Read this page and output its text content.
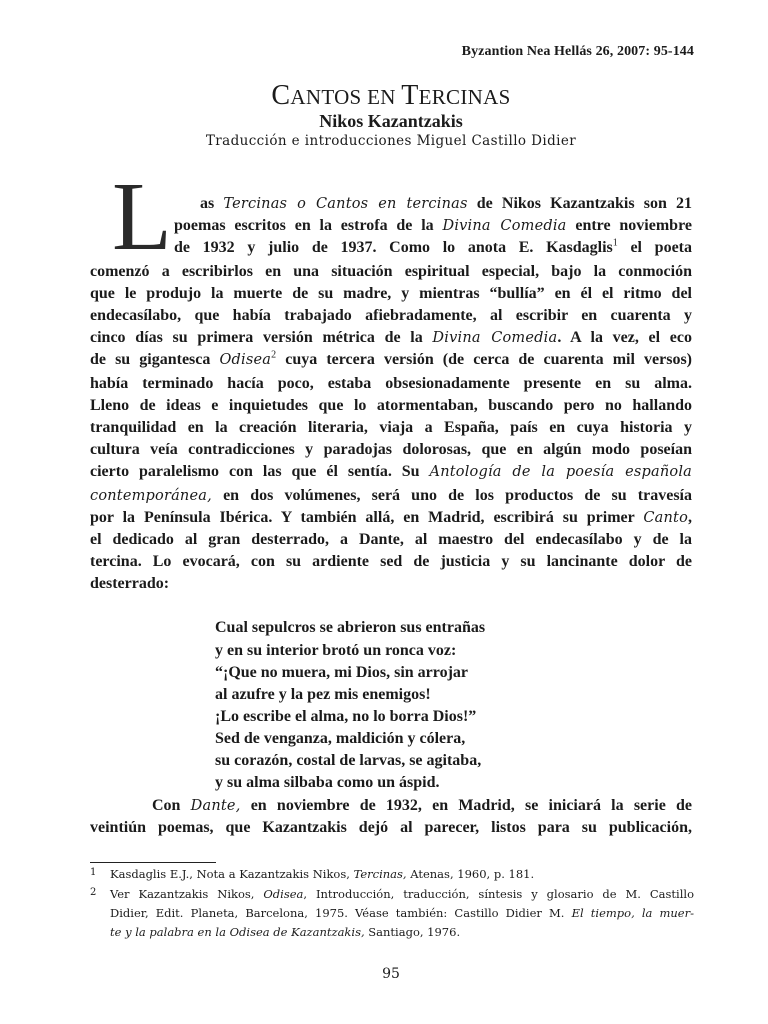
Byzantion Nea Hellás 26, 2007: 95-144
CANTOS EN TERCINAS
Nikos Kazantzakis
Traducción e introducciones Miguel Castillo Didier
L as Tercinas o Cantos en tercinas de Nikos Kazantzakis son 21
poemas escritos en la estrofa de la Divina Comedia entre noviembre
de 1932 y julio de 1937. Como lo anota E. Kasdaglis$^1$ el poeta
comenzó a escribirlos en una situación espiritual especial, bajo la conmoción
que le produjo la muerte de su madre, y mientras “bullía” en él el ritmo del
endecasílabo, que había trabajado afiebradamente, al escribir en cuarenta y
cinco días su primera versión métrica de la Divina Comedia. A la vez, el eco
de su gigantesca Odisea$^2$ cuya tercera versión (de cerca de cuarenta mil versos)
había terminado hacía poco, estaba obsesionadamente presente en su alma.
Lleno de ideas e inquietudes que lo atormentaban, buscando pero no hallando
tranquilidad en la creación literaria, viaja a España, país en cuya historia y
cultura veía contradicciones y paradojas dolorosas, que en algún modo poseían
cierto paralelismo con las que él sentía. Su Antología de la poesía española
contemporánea, en dos volúmenes, será uno de los productos de su travesía
por la Península Ibérica. Y también allá, en Madrid, escribirá su primer Canto,
el dedicado al gran desterrado, a Dante, al maestro del endecasílabo y de la
tercina. Lo evocará, con su ardiente sed de justicia y su lancinante dolor de
desterrado:
Cual sepulcros se abrieron sus entrañas
y en su interior brotó un ronca voz:
“¡Que no muera, mi Dios, sin arrojar
al azufre y la pez mis enemigos!
¡Lo escribe el alma, no lo borra Dios!”
Sed de venganza, maldición y cólera,
su corazón, costal de larvas, se agitaba,
y su alma silbaba como un áspid.
Con Dante, en noviembre de 1932, en Madrid, se iniciará la serie de
veintiún poemas, que Kazantzakis dejó al parecer, listos para su publicación,
1 Kasdaglis E.J., Nota a Kazantzakis Nikos, Tercinas, Atenas, 1960, p. 181.
2 Ver Kazantzakis Nikos, Odisea, Introducción, traducción, síntesis y glosario de M. Castillo
Didier, Edit. Planeta, Barcelona, 1975. Véase también: Castillo Didier M. El tiempo, la muer-
te y la palabra en la Odisea de Kazantzakis, Santiago, 1976.
95
